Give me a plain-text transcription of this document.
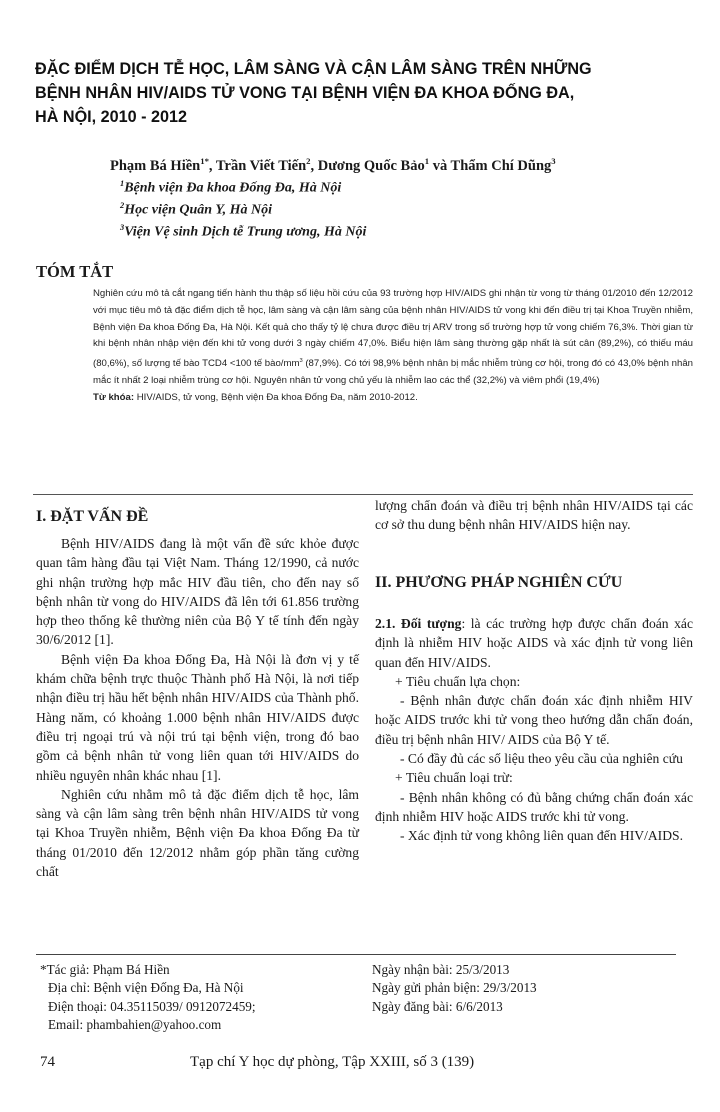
ĐẶC ĐIỂM DỊCH TỄ HỌC, LÂM SÀNG VÀ CẬN LÂM SÀNG TRÊN NHỮNG
BỆNH NHÂN HIV/AIDS TỬ VONG TẠI BỆNH VIỆN ĐA KHOA ĐỐNG ĐA,
HÀ NỘI, 2010 - 2012
Phạm Bá Hiền$^{1*}$, Trần Viết Tiến$^2$, Dương Quốc Bảo$^1$ và Thẩm Chí Dũng$^3$
$^1$Bệnh viện Đa khoa Đống Đa, Hà Nội
$^2$Học viện Quân Y, Hà Nội
$^3$Viện Vệ sinh Dịch tễ Trung ương, Hà Nội
TÓM TẮT
Nghiên cứu mô tả cắt ngang tiến hành thu thập số liệu hồi cứu của 93 trường hợp HIV/AIDS ghi nhận từ vong từ tháng 01/2010 đến 12/2012 với mục tiêu mô tả đặc điểm dịch tễ học, lâm sàng và cận lâm sàng của bệnh nhân HIV/AIDS tử vong khi đến điều trị tại Khoa Truyền nhiễm, Bệnh viện Đa khoa Đống Đa, Hà Nội. Kết quả cho thấy tỷ lệ chưa được điều trị ARV trong số trường hợp tử vong chiếm 76,3%. Thời gian từ khi bệnh nhân nhập viện đến khi tử vong dưới 3 ngày chiếm 47,0%. Biểu hiện lâm sàng thường gặp nhất là sút cân (89,2%), có thiếu máu (80,6%), số lượng tế bào TCD4 <100 tế bào/$mm^3$ (87,9%). Có tới 98,9% bệnh nhân bị mắc nhiễm trùng cơ hội, trong đó có 43,0% bệnh nhân mắc ít nhất 2 loại nhiễm trùng cơ hội. Nguyên nhân tử vong chủ yếu là nhiễm lao các thể (32,2%) và viêm phổi (19,4%)
Từ khóa: HIV/AIDS, tử vong, Bệnh viện Đa khoa Đống Đa, năm 2010-2012.
I. ĐẶT VẤN ĐỀ

Bệnh HIV/AIDS đang là một vấn đề sức khỏe được quan tâm hàng đầu tại Việt Nam. Tháng 12/1990, cả nước ghi nhận trường hợp mắc HIV đầu tiên, cho đến nay số bệnh nhân từ vong do HIV/AIDS đã lên tới 61.856 trường hợp theo thống kê thường niên của Bộ Y tế tính đến ngày 30/6/2012 [1].

Bệnh viện Đa khoa Đống Đa, Hà Nội là đơn vị y tế khám chữa bệnh trực thuộc Thành phố Hà Nội, là nơi tiếp nhận điều trị hầu hết bệnh nhân HIV/AIDS của Thành phố. Hàng năm, có khoảng 1.000 bệnh nhân HIV/AIDS được điều trị ngoại trú và nội trú tại bệnh viện, trong đó bao gồm cả bệnh nhân tử vong liên quan tới HIV/AIDS do nhiều nguyên nhân khác nhau [1].

Nghiên cứu nhằm mô tả đặc điểm dịch tễ học, lâm sàng và cận lâm sàng trên bệnh nhân HIV/AIDS tử vong tại Khoa Truyền nhiễm, Bệnh viện Đa khoa Đống Đa từ tháng 01/2010 đến 12/2012 nhằm góp phần tăng cường chất

lượng chẩn đoán và điều trị bệnh nhân HIV/AIDS tại các cơ sở thu dung bệnh nhân HIV/AIDS hiện nay.

II. PHƯƠNG PHÁP NGHIÊN CỨU

2.1. Đối tượng: là các trường hợp được chẩn đoán xác định là nhiễm HIV hoặc AIDS và xác định tử vong liên quan đến HIV/AIDS.

+ Tiêu chuẩn lựa chọn:

- Bệnh nhân được chẩn đoán xác định nhiễm HIV hoặc AIDS trước khi tử vong theo hướng dẫn chẩn đoán, điều trị bệnh nhân HIV/ AIDS của Bộ Y tế.

- Có đầy đủ các số liệu theo yêu cầu của nghiên cứu

+ Tiêu chuẩn loại trừ:

- Bệnh nhân không có đủ bằng chứng chẩn đoán xác định nhiễm HIV hoặc AIDS trước khi tử vong.

- Xác định tử vong không liên quan đến HIV/AIDS.

*Tác giả: Phạm Bá Hiền
Địa chỉ: Bệnh viện Đống Đa, Hà Nội
Điện thoại: 04.35115039/ 0912072459;
Email: phambahien@yahoo.com
Ngày nhận bài: 25/3/2013
Ngày gửi phản biện: 29/3/2013
Ngày đăng bài: 6/6/2013
74	Tạp chí Y học dự phòng, Tập XXIII, số 3 (139)
